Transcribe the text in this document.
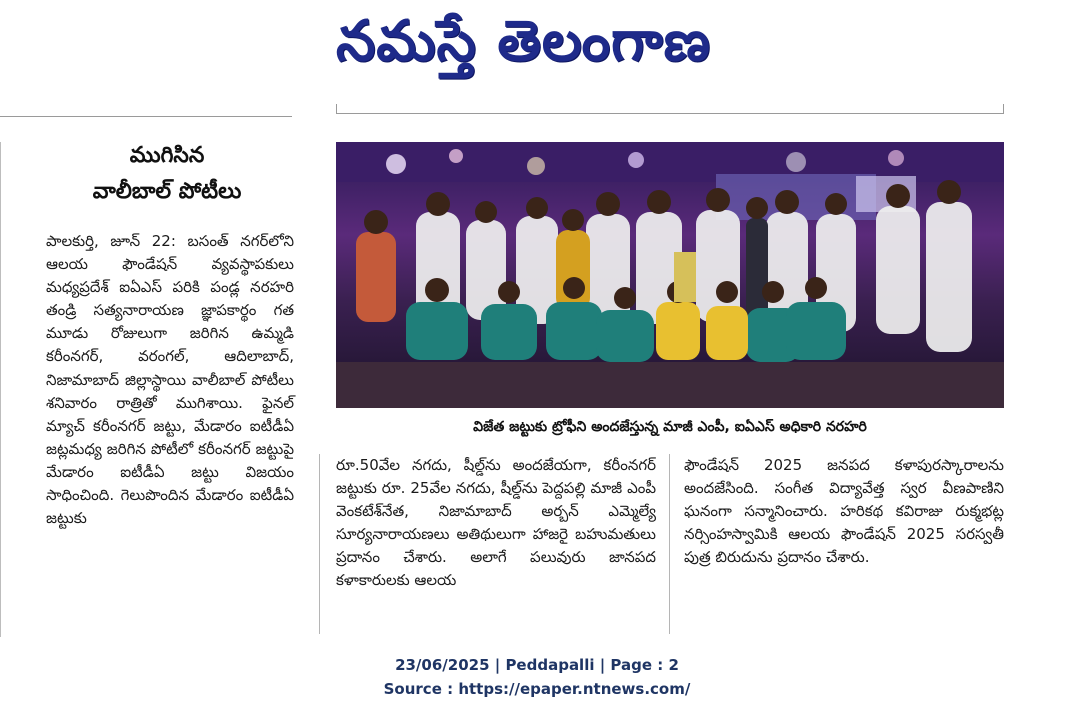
నమస్తే తెలంగాణ
ముగిసిన
వాలీబాల్ పోటీలు
పాలకుర్తి, జూన్ 22: బసంత్ నగర్‌లోని ఆలయ ఫౌండేషన్ వ్యవస్థాపకులు మధ్యప్రదేశ్ ఐఏఎస్ పరికి పండ్ల నరహరి తండ్రి సత్యనారాయణ జ్ఞాపకార్థం గత మూడు రోజులుగా జరిగిన ఉమ్మడి కరీంనగర్, వరంగల్, ఆదిలాబాద్, నిజామాబాద్ జిల్లాస్థాయి వాలీబాల్ పోటీలు శనివారం రాత్రితో ముగిశాయి. ఫైనల్ మ్యాచ్ కరీంనగర్ జట్టు, మేడారం ఐటీడీఏ జట్లమధ్య జరిగిన పోటీలో కరీంనగర్ జట్టుపై మేడారం ఐటీడీఏ జట్టు విజయం సాధించింది. గెలుపొందిన మేడారం ఐటీడీఏ జట్టుకు
విజేత జట్టుకు ట్రోఫీని అందజేస్తున్న మాజీ ఎంపీ, ఐఏఎస్ అధికారి నరహరి
రూ.50వేల నగదు, షీల్డ్‌ను అందజేయగా, కరీంనగర్ జట్టుకు రూ. 25వేల నగదు, షీల్డ్‌ను పెద్దపల్లి మాజీ ఎంపీ వెంకటేశ్‌నేత, నిజామాబాద్ అర్బన్ ఎమ్మెల్యే సూర్యనారాయణలు అతిథులుగా హాజరై బహుమతులు ప్రదానం చేశారు. అలాగే పలువురు జానపద కళాకారులకు ఆలయ
ఫౌండేషన్ 2025 జనపద కళాపురస్కారాలను అందజేసింది. సంగీత విద్యావేత్త స్వర వీణపాణిని ఘనంగా సన్మానించారు. హరికథ కవిరాజు రుక్మభట్ల నర్సింహస్వామికి ఆలయ ఫౌండేషన్ 2025 సరస్వతీ పుత్ర బిరుదును ప్రదానం చేశారు.
23/06/2025 | Peddapalli | Page : 2
Source : https://epaper.ntnews.com/
